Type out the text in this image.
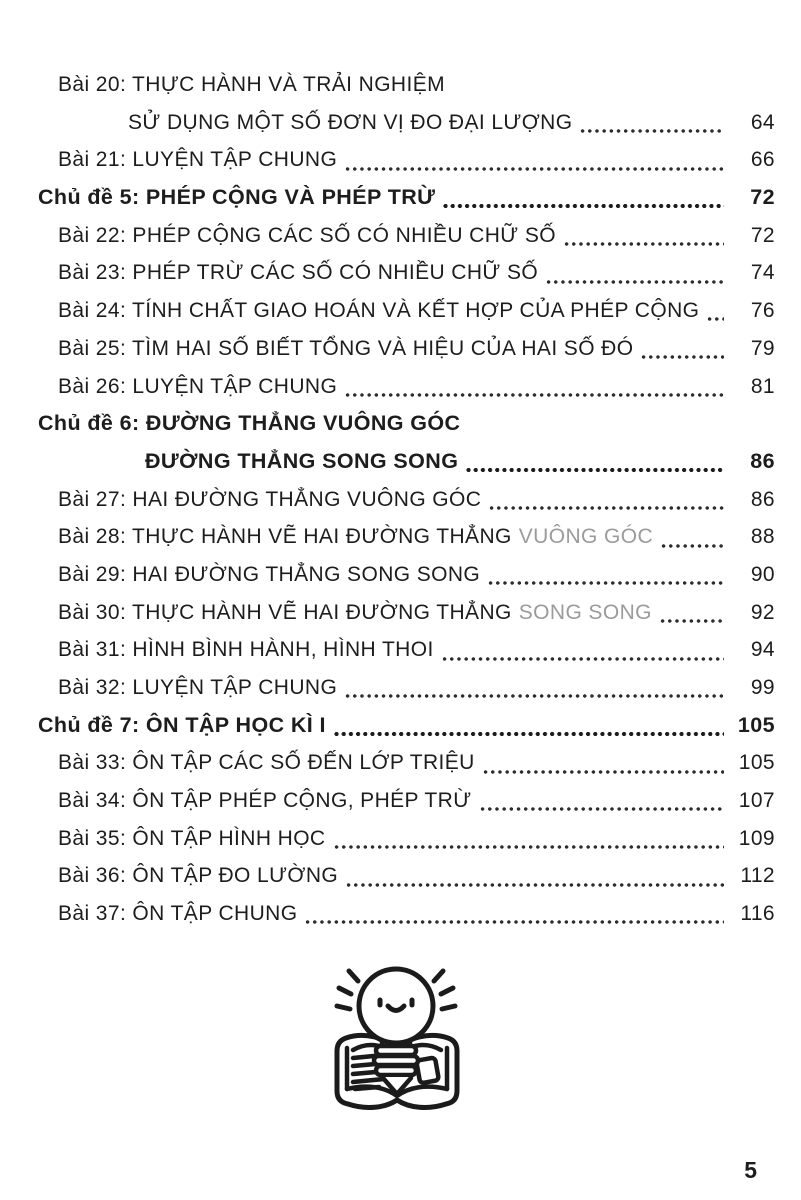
Bài 20: THỰC HÀNH VÀ TRẢI NGHIỆM
SỬ DỤNG MỘT SỐ ĐƠN VỊ ĐO ĐẠI LƯỢNG	64
Bài 21: LUYỆN TẬP CHUNG	66
Chủ đề 5: PHÉP CỘNG VÀ PHÉP TRỪ	72
Bài 22: PHÉP CỘNG CÁC SỐ CÓ NHIỀU CHỮ SỐ	72
Bài 23: PHÉP TRỪ CÁC SỐ CÓ NHIỀU CHỮ SỐ	74
Bài 24: TÍNH CHẤT GIAO HOÁN VÀ KẾT HỢP CỦA PHÉP CỘNG	76
Bài 25: TÌM HAI SỐ BIẾT TỔNG VÀ HIỆU CỦA HAI SỐ ĐÓ	79
Bài 26: LUYỆN TẬP CHUNG	81
Chủ đề 6: ĐƯỜNG THẲNG VUÔNG GÓC
ĐƯỜNG THẲNG SONG SONG	86
Bài 27: HAI ĐƯỜNG THẲNG VUÔNG GÓC	86
Bài 28: THỰC HÀNH VẼ HAI ĐƯỜNG THẲNG VUÔNG GÓC	88
Bài 29: HAI ĐƯỜNG THẲNG SONG SONG	90
Bài 30: THỰC HÀNH VẼ HAI ĐƯỜNG THẲNG SONG SONG	92
Bài 31: HÌNH BÌNH HÀNH, HÌNH THOI	94
Bài 32: LUYỆN TẬP CHUNG	99
Chủ đề 7: ÔN TẬP HỌC KÌ I	105
Bài 33: ÔN TẬP CÁC SỐ ĐẾN LỚP TRIỆU	105
Bài 34: ÔN TẬP PHÉP CỘNG, PHÉP TRỪ	107
Bài 35: ÔN TẬP HÌNH HỌC	109
Bài 36: ÔN TẬP ĐO LƯỜNG	112
Bài 37: ÔN TẬP CHUNG	116
5
